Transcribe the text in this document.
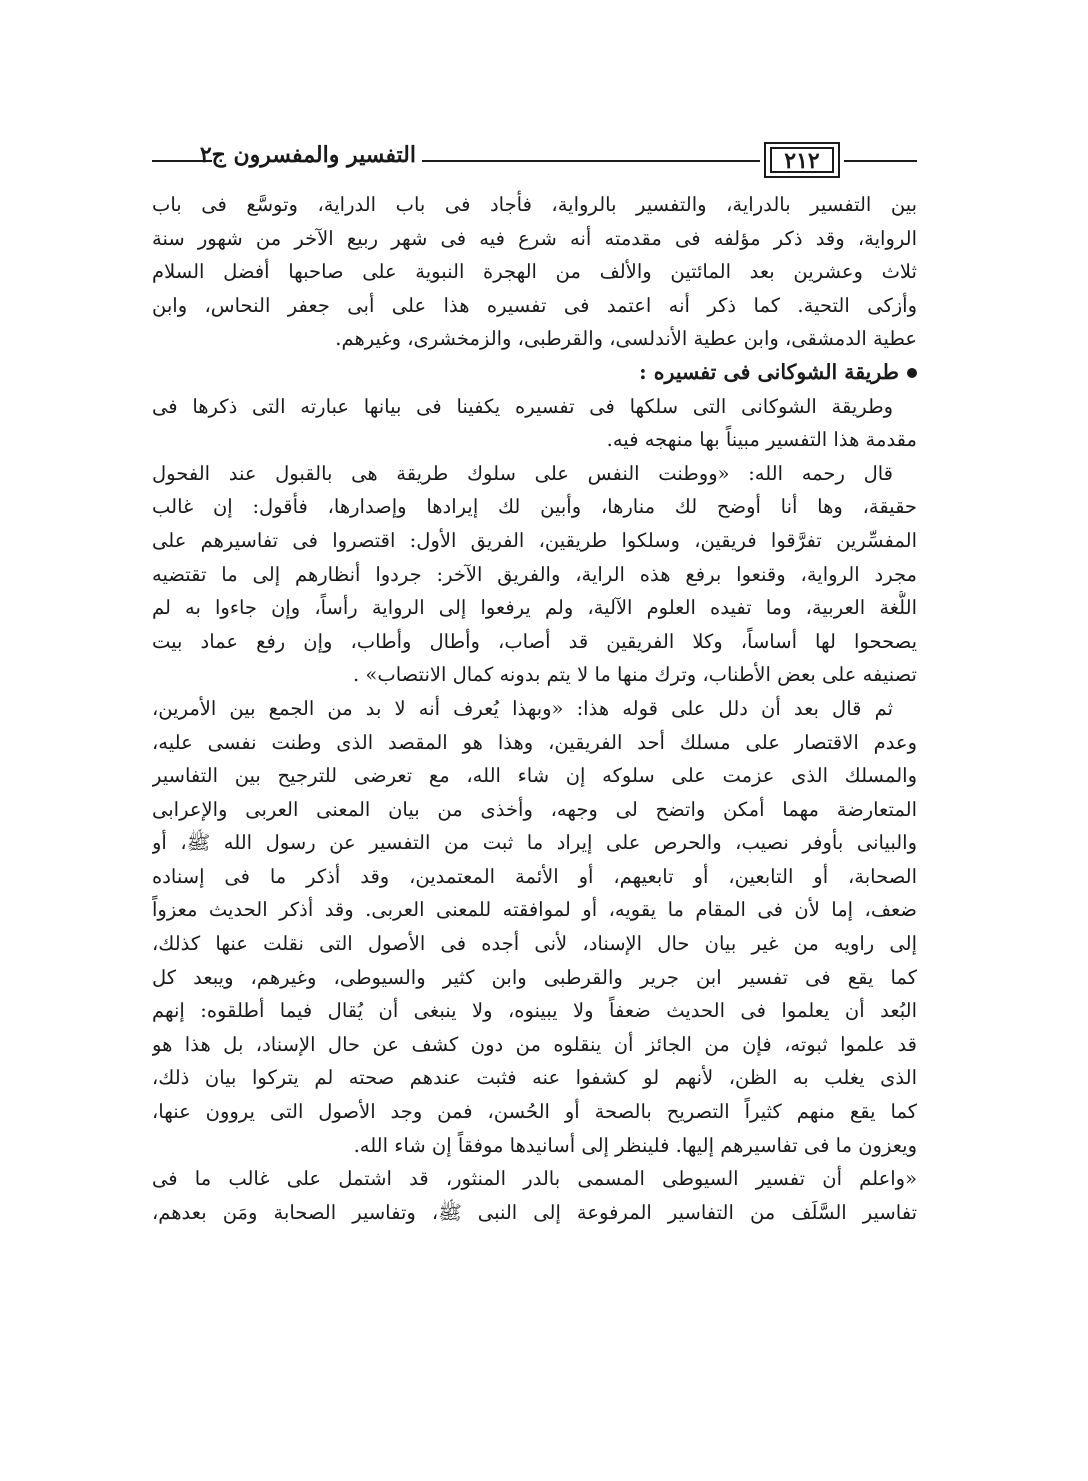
التفسير والمفسرون ج٢	٢١٢
بين التفسير بالدراية، والتفسير بالرواية، فأجاد فى باب الدراية، وتوسَّع فى باب
الرواية، وقد ذكر مؤلفه فى مقدمته أنه شرع فيه فى شهر ربيع الآخر من شهور سنة
ثلاث وعشرين بعد المائتين والألف من الهجرة النبوية على صاحبها أفضل السلام
وأزكى التحية. كما ذكر أنه اعتمد فى تفسيره هذا على أبى جعفر النحاس، وابن
عطية الدمشقى، وابن عطية الأندلسى، والقرطبى، والزمخشرى، وغيرهم.
طريقة الشوكانى فى تفسيره :
وطريقة الشوكانى التى سلكها فى تفسيره يكفينا فى بيانها عبارته التى ذكرها فى
مقدمة هذا التفسير مبيناً بها منهجه فيه.
قال رحمه الله: «ووطنت النفس على سلوك طريقة هى بالقبول عند الفحول
حقيقة، وها أنا أوضح لك منارها، وأبين لك إيرادها وإصدارها، فأقول: إن غالب
المفسِّرين تفرَّقوا فريقين، وسلكوا طريقين، الفريق الأول: اقتصروا فى تفاسيرهم على
مجرد الرواية، وقنعوا برفع هذه الراية، والفريق الآخر: جردوا أنظارهم إلى ما تقتضيه
اللُّغة العربية، وما تفيده العلوم الآلية، ولم يرفعوا إلى الرواية رأساً، وإن جاءوا به لم
يصححوا لها أساساً، وكلا الفريقين قد أصاب، وأطال وأطاب، وإن رفع عماد بيت
تصنيفه على بعض الأطناب، وترك منها ما لا يتم بدونه كمال الانتصاب» .
ثم قال بعد أن دلل على قوله هذا: «وبهذا يُعرف أنه لا بد من الجمع بين الأمرين،
وعدم الاقتصار على مسلك أحد الفريقين، وهذا هو المقصد الذى وطنت نفسى عليه،
والمسلك الذى عزمت على سلوكه إن شاء الله، مع تعرضى للترجيح بين التفاسير
المتعارضة مهما أمكن واتضح لى وجهه، وأخذى من بيان المعنى العربى والإعرابى
والبيانى بأوفر نصيب، والحرص على إيراد ما ثبت من التفسير عن رسول الله ﷺ، أو
الصحابة، أو التابعين، أو تابعيهم، أو الأئمة المعتمدين، وقد أذكر ما فى إسناده
ضعف، إما لأن فى المقام ما يقويه، أو لموافقته للمعنى العربى. وقد أذكر الحديث معزواً
إلى راويه من غير بيان حال الإسناد، لأنى أجده فى الأصول التى نقلت عنها كذلك،
كما يقع فى تفسير ابن جرير والقرطبى وابن كثير والسيوطى، وغيرهم، ويبعد كل
البُعد أن يعلموا فى الحديث ضعفاً ولا يبينوه، ولا ينبغى أن يُقال فيما أطلقوه: إنهم
قد علموا ثبوته، فإن من الجائز أن ينقلوه من دون كشف عن حال الإسناد، بل هذا هو
الذى يغلب به الظن، لأنهم لو كشفوا عنه فثبت عندهم صحته لم يتركوا بيان ذلك،
كما يقع منهم كثيراً التصريح بالصحة أو الحُسن، فمن وجد الأصول التى يروون عنها،
ويعزون ما فى تفاسيرهم إليها. فلينظر إلى أسانيدها موفقاً إن شاء الله.
«واعلم أن تفسير السيوطى المسمى بالدر المنثور، قد اشتمل على غالب ما فى
تفاسير السَّلَف من التفاسير المرفوعة إلى النبى ﷺ، وتفاسير الصحابة ومَن بعدهم،
